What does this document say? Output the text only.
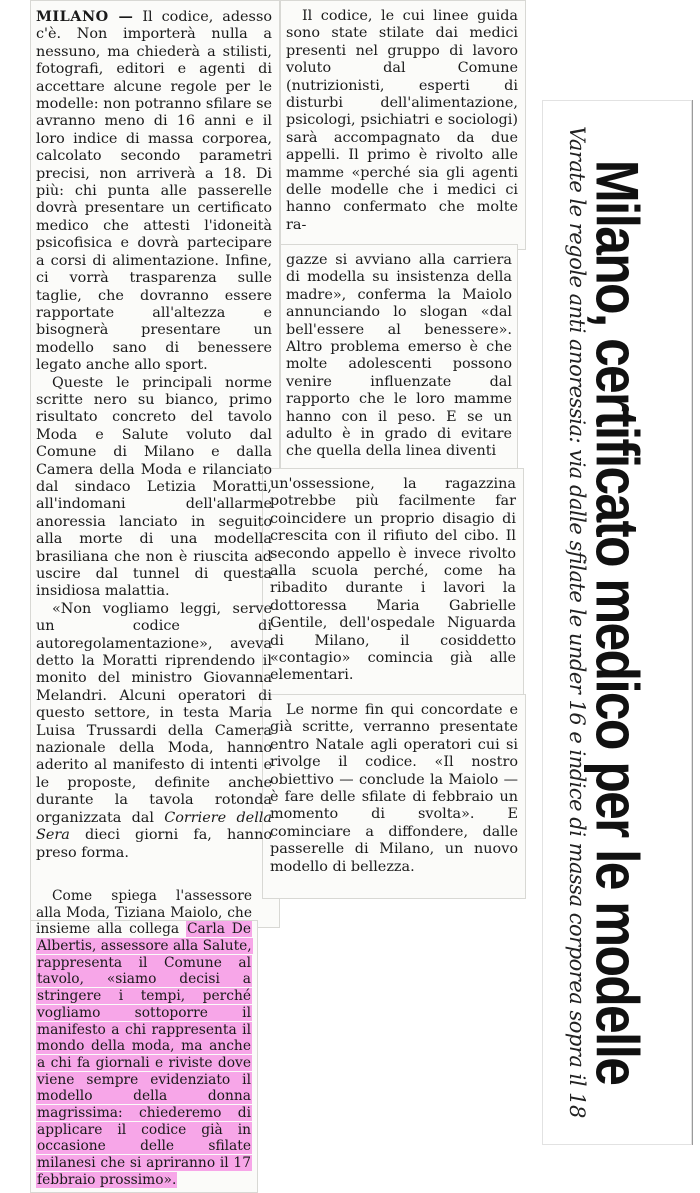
MILANO — Il codice, adesso c'è. Non importerà nulla a nessuno, ma chiederà a stilisti, fotografi, editori e agenti di accettare alcune regole per le modelle: non potranno sfilare se avranno meno di 16 anni e il loro indice di massa corporea, calcolato secondo parametri precisi, non arriverà a 18. Di più: chi punta alle passerelle dovrà presentare un certificato medico che attesti l'idoneità psicofisica e dovrà partecipare a corsi di alimentazione. Infine, ci vorrà trasparenza sulle taglie, che dovranno essere rapportate all'altezza e bisognerà presentare un modello sano di benessere legato anche allo sport.

Queste le principali norme scritte nero su bianco, primo risultato concreto del tavolo Moda e Salute voluto dal Comune di Milano e dalla Camera della Moda e rilanciato dal sindaco Letizia Moratti, all'indomani dell'allarme anoressia lanciato in seguito alla morte di una modella brasiliana che non è riuscita ad uscire dal tunnel di questa insidiosa malattia.

«Non vogliamo leggi, serve un codice di autoregolamentazione», aveva detto la Moratti riprendendo il monito del ministro Giovanna Melandri. Alcuni operatori di questo settore, in testa Maria Luisa Trussardi della Camera nazionale della Moda, hanno aderito al manifesto di intenti e le proposte, definite anche durante la tavola rotonda organizzata dal Corriere della Sera dieci giorni fa, hanno preso forma.

Come spiega l'assessore alla Moda, Tiziana Maiolo, che insieme alla collega Carla De Albertis, assessore alla Salute, rappresenta il Comune al tavolo, «siamo decisi a stringere i tempi, perché vogliamo sottoporre il manifesto a chi rappresenta il mondo della moda, ma anche a chi fa giornali e riviste dove viene sempre evidenziato il modello della donna magrissima: chiederemo di applicare il codice già in occasione delle sfilate milanesi che si apriranno il 17 febbraio prossimo».

Il codice, le cui linee guida sono state stilate dai medici presenti nel gruppo di lavoro voluto dal Comune (nutrizionisti, esperti di disturbi dell'alimentazione, psicologi, psichiatri e sociologi) sarà accompagnato da due appelli. Il primo è rivolto alle mamme «perché sia gli agenti delle modelle che i medici ci hanno confermato che molte ra-

gazze si avviano alla carriera di modella su insistenza della madre», conferma la Maiolo annunciando lo slogan «dal bell'essere al benessere». Altro problema emerso è che molte adolescenti possono venire influenzate dal rapporto che le loro mamme hanno con il peso. E se un adulto è in grado di evitare che quella della linea diventi

un'ossessione, la ragazzina potrebbe più facilmente far coincidere un proprio disagio di crescita con il rifiuto del cibo. Il secondo appello è invece rivolto alla scuola perché, come ha ribadito durante i lavori la dottoressa Maria Gabrielle Gentile, dell'ospedale Niguarda di Milano, il cosiddetto «contagio» comincia già alle elementari.

Le norme fin qui concordate e già scritte, verranno presentate entro Natale agli operatori cui si rivolge il codice. «Il nostro obiettivo — conclude la Maiolo — è fare delle sfilate di febbraio un momento di svolta». E cominciare a diffondere, dalle passerelle di Milano, un nuovo modello di bellezza.	Milano, certificato medico per le modelle
Varate le regole anti anoressia: via dalle sfilate le under 16 e indice di massa corporea sopra il 18
